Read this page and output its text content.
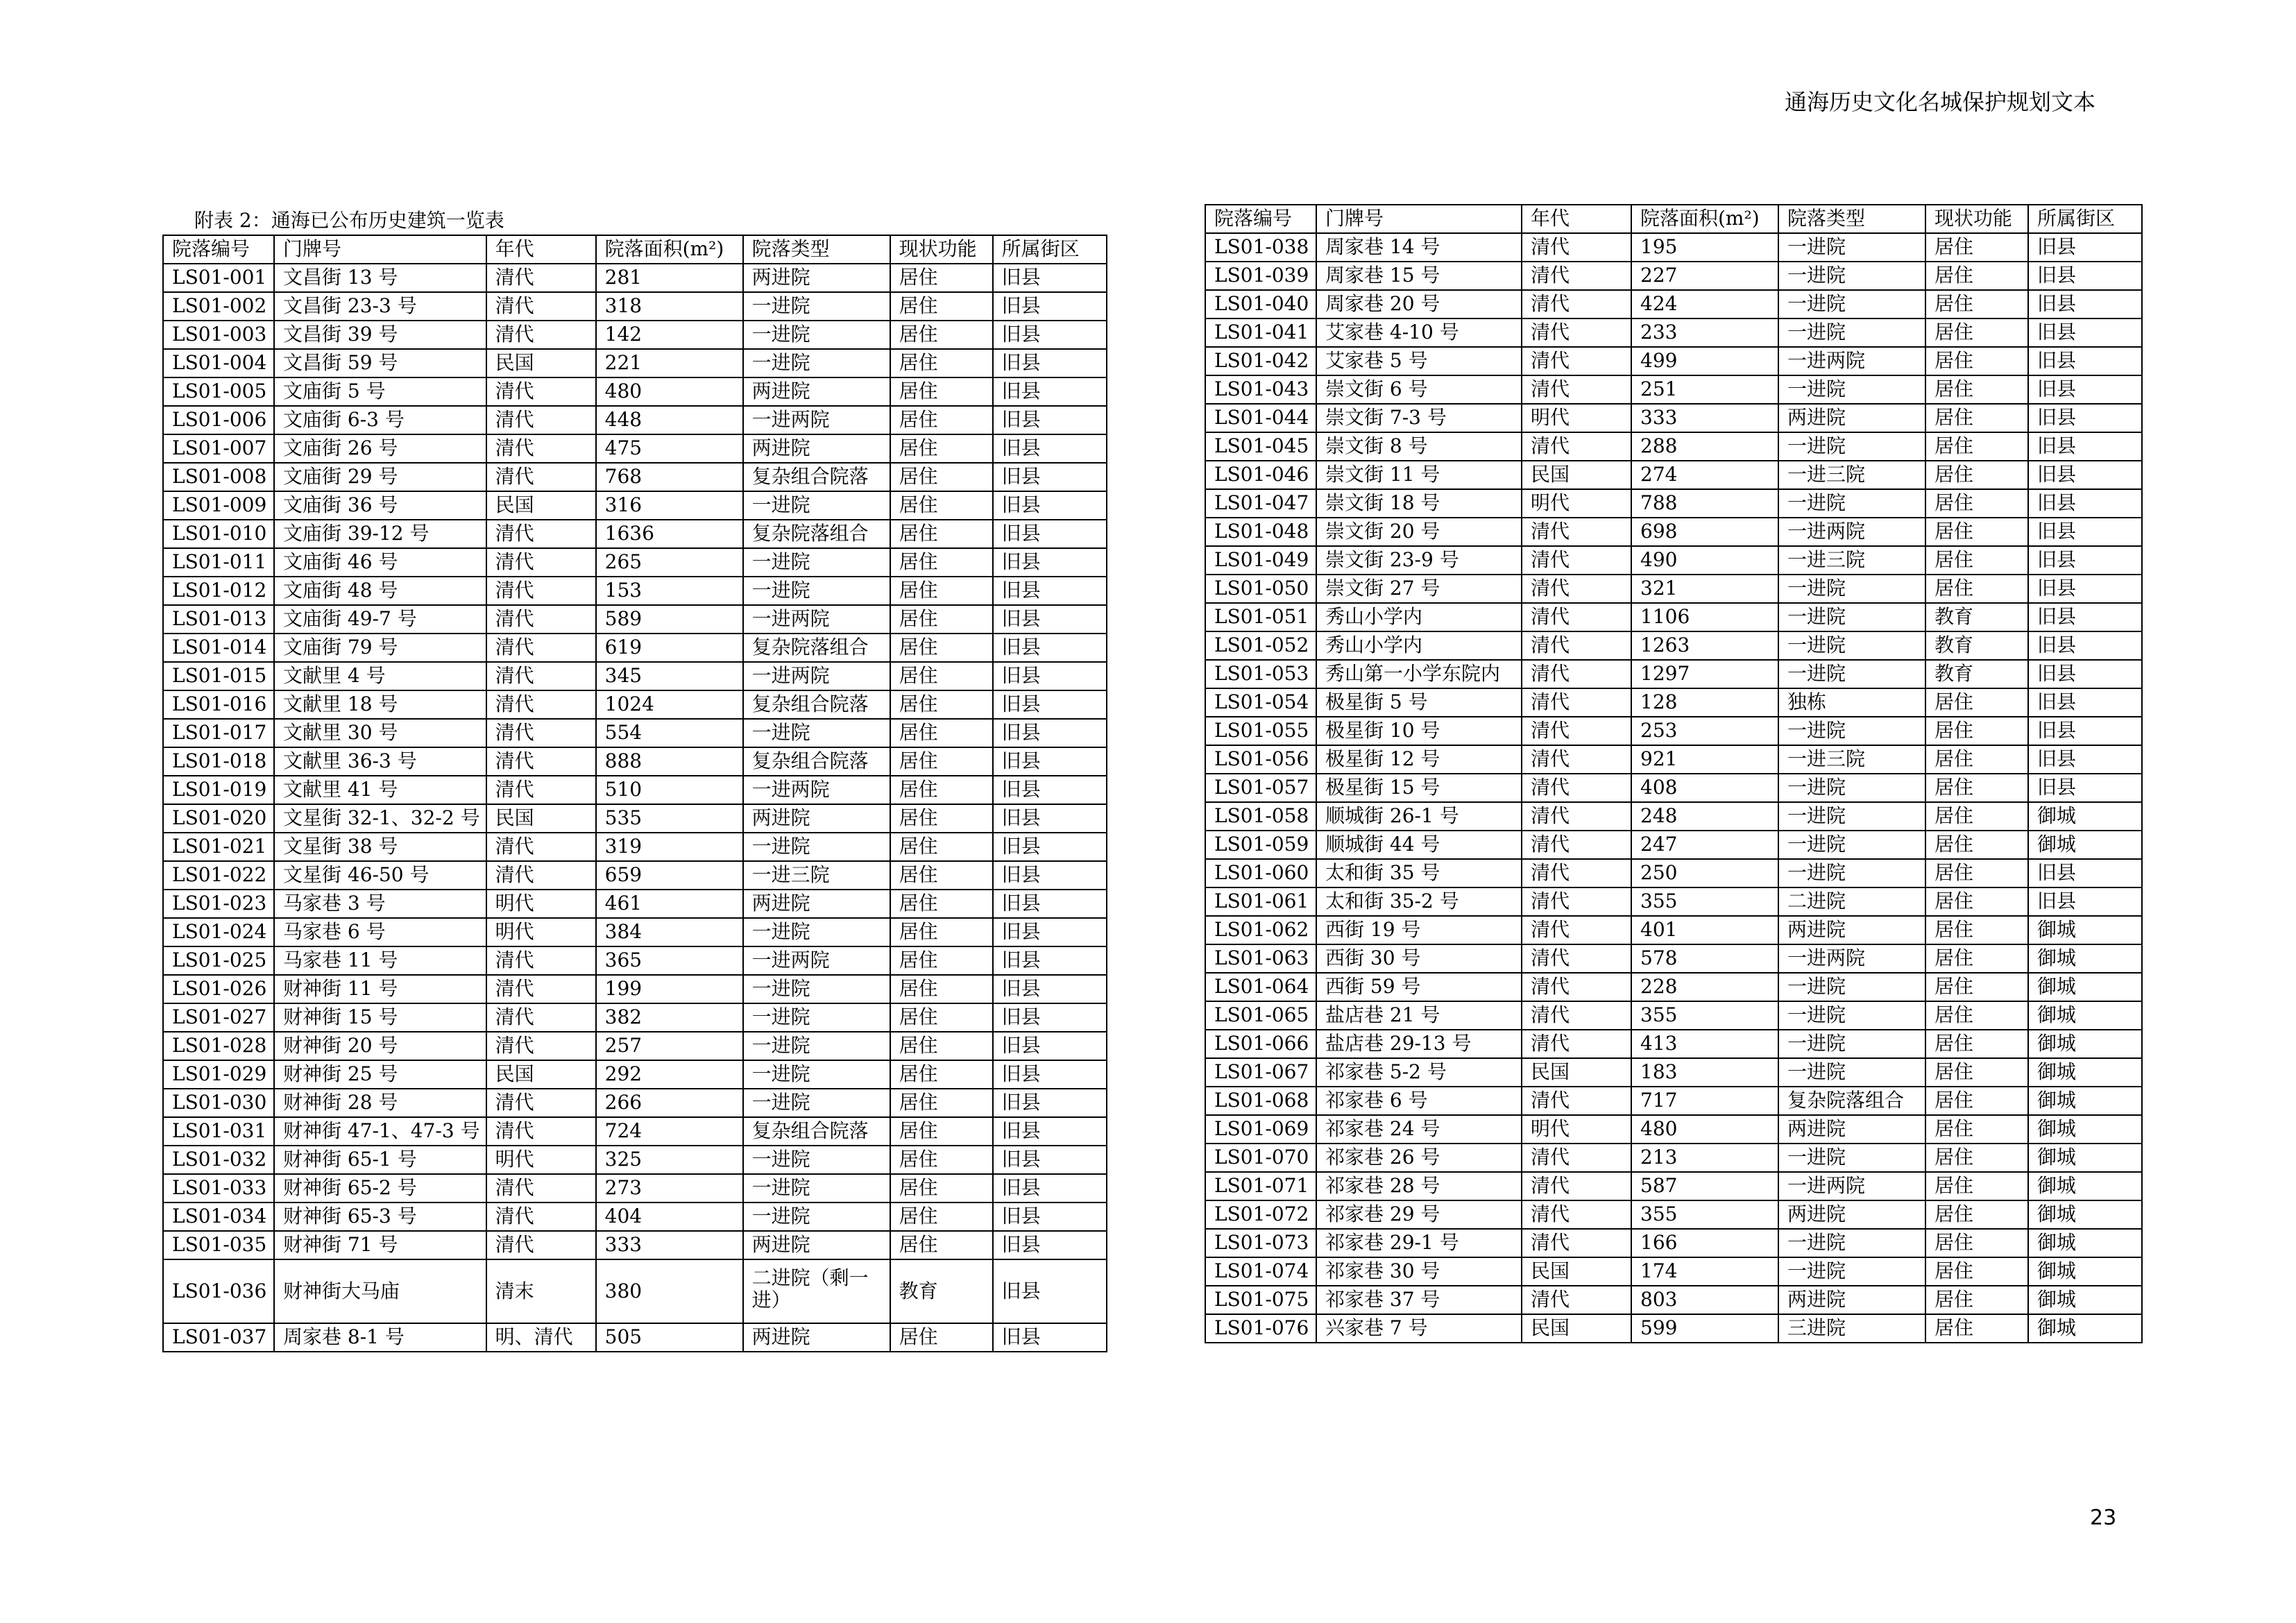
通海历史文化名城保护规划文本
附表 2：通海已公布历史建筑一览表
院落编号	门牌号	年代	院落面积(m²)	院落类型	现状功能	所属街区
LS01-001	文昌街 13 号	清代	281	两进院	居住	旧县
LS01-002	文昌街 23-3 号	清代	318	一进院	居住	旧县
LS01-003	文昌街 39 号	清代	142	一进院	居住	旧县
LS01-004	文昌街 59 号	民国	221	一进院	居住	旧县
LS01-005	文庙街 5 号	清代	480	两进院	居住	旧县
LS01-006	文庙街 6-3 号	清代	448	一进两院	居住	旧县
LS01-007	文庙街 26 号	清代	475	两进院	居住	旧县
LS01-008	文庙街 29 号	清代	768	复杂组合院落	居住	旧县
LS01-009	文庙街 36 号	民国	316	一进院	居住	旧县
LS01-010	文庙街 39-12 号	清代	1636	复杂院落组合	居住	旧县
LS01-011	文庙街 46 号	清代	265	一进院	居住	旧县
LS01-012	文庙街 48 号	清代	153	一进院	居住	旧县
LS01-013	文庙街 49-7 号	清代	589	一进两院	居住	旧县
LS01-014	文庙街 79 号	清代	619	复杂院落组合	居住	旧县
LS01-015	文献里 4 号	清代	345	一进两院	居住	旧县
LS01-016	文献里 18 号	清代	1024	复杂组合院落	居住	旧县
LS01-017	文献里 30 号	清代	554	一进院	居住	旧县
LS01-018	文献里 36-3 号	清代	888	复杂组合院落	居住	旧县
LS01-019	文献里 41 号	清代	510	一进两院	居住	旧县
LS01-020	文星街 32-1、32-2 号	民国	535	两进院	居住	旧县
LS01-021	文星街 38 号	清代	319	一进院	居住	旧县
LS01-022	文星街 46-50 号	清代	659	一进三院	居住	旧县
LS01-023	马家巷 3 号	明代	461	两进院	居住	旧县
LS01-024	马家巷 6 号	明代	384	一进院	居住	旧县
LS01-025	马家巷 11 号	清代	365	一进两院	居住	旧县
LS01-026	财神街 11 号	清代	199	一进院	居住	旧县
LS01-027	财神街 15 号	清代	382	一进院	居住	旧县
LS01-028	财神街 20 号	清代	257	一进院	居住	旧县
LS01-029	财神街 25 号	民国	292	一进院	居住	旧县
LS01-030	财神街 28 号	清代	266	一进院	居住	旧县
LS01-031	财神街 47-1、47-3 号	清代	724	复杂组合院落	居住	旧县
LS01-032	财神街 65-1 号	明代	325	一进院	居住	旧县
LS01-033	财神街 65-2 号	清代	273	一进院	居住	旧县
LS01-034	财神街 65-3 号	清代	404	一进院	居住	旧县
LS01-035	财神街 71 号	清代	333	两进院	居住	旧县
LS01-036	财神街大马庙	清末	380	二进院（剩一进）	教育	旧县
LS01-037	周家巷 8-1 号	明、清代	505	两进院	居住	旧县
院落编号	门牌号	年代	院落面积(m²)	院落类型	现状功能	所属街区
LS01-038	周家巷 14 号	清代	195	一进院	居住	旧县
LS01-039	周家巷 15 号	清代	227	一进院	居住	旧县
LS01-040	周家巷 20 号	清代	424	一进院	居住	旧县
LS01-041	艾家巷 4-10 号	清代	233	一进院	居住	旧县
LS01-042	艾家巷 5 号	清代	499	一进两院	居住	旧县
LS01-043	崇文街 6 号	清代	251	一进院	居住	旧县
LS01-044	崇文街 7-3 号	明代	333	两进院	居住	旧县
LS01-045	崇文街 8 号	清代	288	一进院	居住	旧县
LS01-046	崇文街 11 号	民国	274	一进三院	居住	旧县
LS01-047	崇文街 18 号	明代	788	一进院	居住	旧县
LS01-048	崇文街 20 号	清代	698	一进两院	居住	旧县
LS01-049	崇文街 23-9 号	清代	490	一进三院	居住	旧县
LS01-050	崇文街 27 号	清代	321	一进院	居住	旧县
LS01-051	秀山小学内	清代	1106	一进院	教育	旧县
LS01-052	秀山小学内	清代	1263	一进院	教育	旧县
LS01-053	秀山第一小学东院内	清代	1297	一进院	教育	旧县
LS01-054	极星街 5 号	清代	128	独栋	居住	旧县
LS01-055	极星街 10 号	清代	253	一进院	居住	旧县
LS01-056	极星街 12 号	清代	921	一进三院	居住	旧县
LS01-057	极星街 15 号	清代	408	一进院	居住	旧县
LS01-058	顺城街 26-1 号	清代	248	一进院	居住	御城
LS01-059	顺城街 44 号	清代	247	一进院	居住	御城
LS01-060	太和街 35 号	清代	250	一进院	居住	旧县
LS01-061	太和街 35-2 号	清代	355	二进院	居住	旧县
LS01-062	西街 19 号	清代	401	两进院	居住	御城
LS01-063	西街 30 号	清代	578	一进两院	居住	御城
LS01-064	西街 59 号	清代	228	一进院	居住	御城
LS01-065	盐店巷 21 号	清代	355	一进院	居住	御城
LS01-066	盐店巷 29-13 号	清代	413	一进院	居住	御城
LS01-067	祁家巷 5-2 号	民国	183	一进院	居住	御城
LS01-068	祁家巷 6 号	清代	717	复杂院落组合	居住	御城
LS01-069	祁家巷 24 号	明代	480	两进院	居住	御城
LS01-070	祁家巷 26 号	清代	213	一进院	居住	御城
LS01-071	祁家巷 28 号	清代	587	一进两院	居住	御城
LS01-072	祁家巷 29 号	清代	355	两进院	居住	御城
LS01-073	祁家巷 29-1 号	清代	166	一进院	居住	御城
LS01-074	祁家巷 30 号	民国	174	一进院	居住	御城
LS01-075	祁家巷 37 号	清代	803	两进院	居住	御城
LS01-076	兴家巷 7 号	民国	599	三进院	居住	御城
23
